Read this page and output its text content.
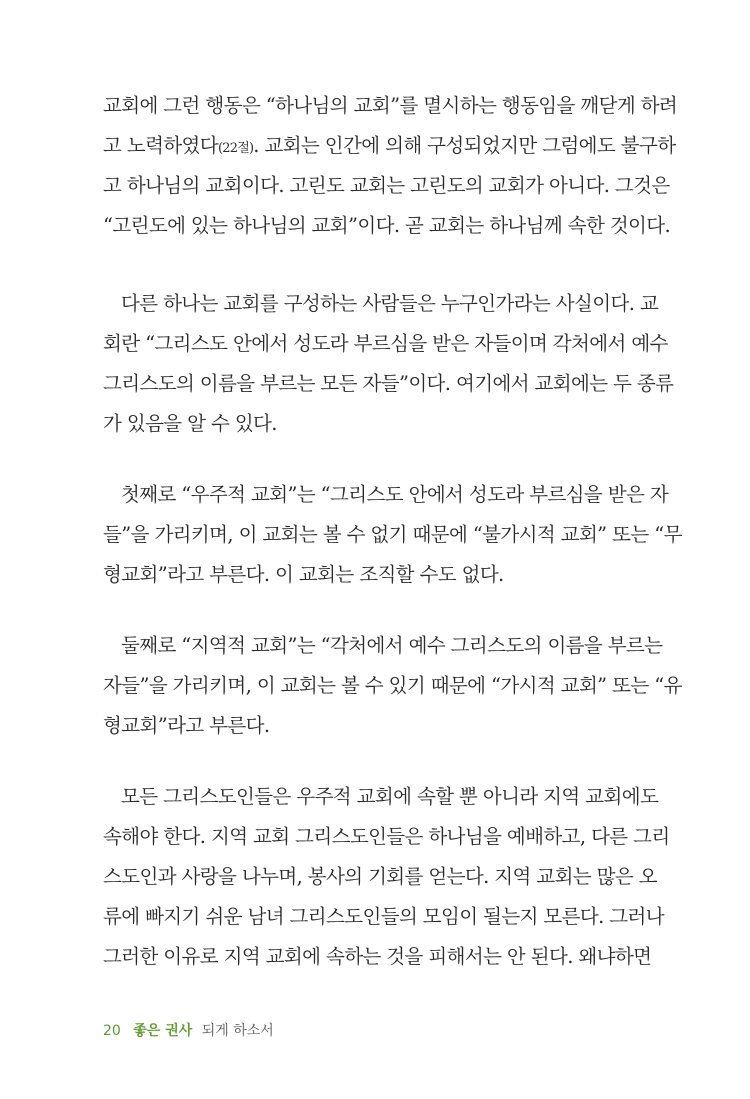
교회에 그런 행동은 “하나님의 교회”를 멸시하는 행동임을 깨닫게 하려
고 노력하였다(22절). 교회는 인간에 의해 구성되었지만 그럼에도 불구하
고 하나님의 교회이다. 고린도 교회는 고린도의 교회가 아니다. 그것은
“고린도에 있는 하나님의 교회”이다. 곧 교회는 하나님께 속한 것이다.
다른 하나는 교회를 구성하는 사람들은 누구인가라는 사실이다. 교
회란 “그리스도 안에서 성도라 부르심을 받은 자들이며 각처에서 예수
그리스도의 이름을 부르는 모든 자들”이다. 여기에서 교회에는 두 종류
가 있음을 알 수 있다.
첫째로 “우주적 교회”는 “그리스도 안에서 성도라 부르심을 받은 자
들”을 가리키며, 이 교회는 볼 수 없기 때문에 “불가시적 교회” 또는 “무
형교회”라고 부른다. 이 교회는 조직할 수도 없다.
둘째로 “지역적 교회”는 “각처에서 예수 그리스도의 이름을 부르는
자들”을 가리키며, 이 교회는 볼 수 있기 때문에 “가시적 교회” 또는 “유
형교회”라고 부른다.
모든 그리스도인들은 우주적 교회에 속할 뿐 아니라 지역 교회에도
속해야 한다. 지역 교회 그리스도인들은 하나님을 예배하고, 다른 그리
스도인과 사랑을 나누며, 봉사의 기회를 얻는다. 지역 교회는 많은 오
류에 빠지기 쉬운 남녀 그리스도인들의 모임이 될는지 모른다. 그러나
그러한 이유로 지역 교회에 속하는 것을 피해서는 안 된다. 왜냐하면
20 좋은 권사 되게 하소서
